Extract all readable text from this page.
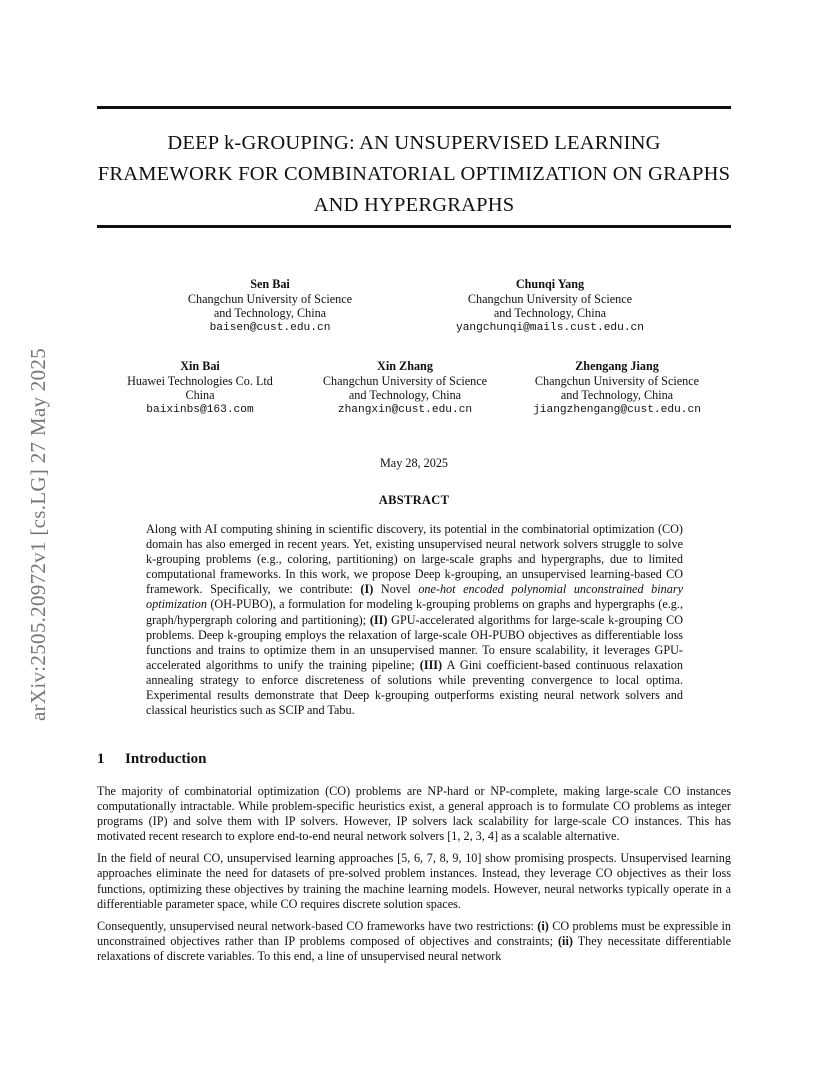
arXiv:2505.20972v1 [cs.LG] 27 May 2025
DEEP k-GROUPING: AN UNSUPERVISED LEARNING
FRAMEWORK FOR COMBINATORIAL OPTIMIZATION ON GRAPHS
AND HYPERGRAPHS
Sen Bai
Changchun University of Science
and Technology, China
baisen@cust.edu.cn
Chunqi Yang
Changchun University of Science
and Technology, China
yangchunqi@mails.cust.edu.cn
Xin Bai
Huawei Technologies Co. Ltd
China
baixinbs@163.com
Xin Zhang
Changchun University of Science
and Technology, China
zhangxin@cust.edu.cn
Zhengang Jiang
Changchun University of Science
and Technology, China
jiangzhengang@cust.edu.cn
May 28, 2025
ABSTRACT

Along with AI computing shining in scientific discovery, its potential in the combinatorial optimization (CO) domain has also emerged in recent years. Yet, existing unsupervised neural network solvers struggle to solve k-grouping problems (e.g., coloring, partitioning) on large-scale graphs and hypergraphs, due to limited computational frameworks. In this work, we propose Deep k-grouping, an unsupervised learning-based CO framework. Specifically, we contribute: (I) Novel one-hot encoded polynomial unconstrained binary optimization (OH-PUBO), a formulation for modeling k-grouping problems on graphs and hypergraphs (e.g., graph/hypergraph coloring and partitioning); (II) GPU-accelerated algorithms for large-scale k-grouping CO problems. Deep k-grouping employs the relaxation of large-scale OH-PUBO objectives as differentiable loss functions and trains to optimize them in an unsupervised manner. To ensure scalability, it leverages GPU-accelerated algorithms to unify the training pipeline; (III) A Gini coefficient-based continuous relaxation annealing strategy to enforce discreteness of solutions while preventing convergence to local optima. Experimental results demonstrate that Deep k-grouping outperforms existing neural network solvers and classical heuristics such as SCIP and Tabu.

1 Introduction

The majority of combinatorial optimization (CO) problems are NP-hard or NP-complete, making large-scale CO instances computationally intractable. While problem-specific heuristics exist, a general approach is to formulate CO problems as integer programs (IP) and solve them with IP solvers. However, IP solvers lack scalability for large-scale CO instances. This has motivated recent research to explore end-to-end neural network solvers [1, 2, 3, 4] as a scalable alternative.

In the field of neural CO, unsupervised learning approaches [5, 6, 7, 8, 9, 10] show promising prospects. Unsupervised learning approaches eliminate the need for datasets of pre-solved problem instances. Instead, they leverage CO objectives as their loss functions, optimizing these objectives by training the machine learning models. However, neural networks typically operate in a differentiable parameter space, while CO requires discrete solution spaces.

Consequently, unsupervised neural network-based CO frameworks have two restrictions: (i) CO problems must be expressible in unconstrained objectives rather than IP problems composed of objectives and constraints; (ii) They necessitate differentiable relaxations of discrete variables. To this end, a line of unsupervised neural network
